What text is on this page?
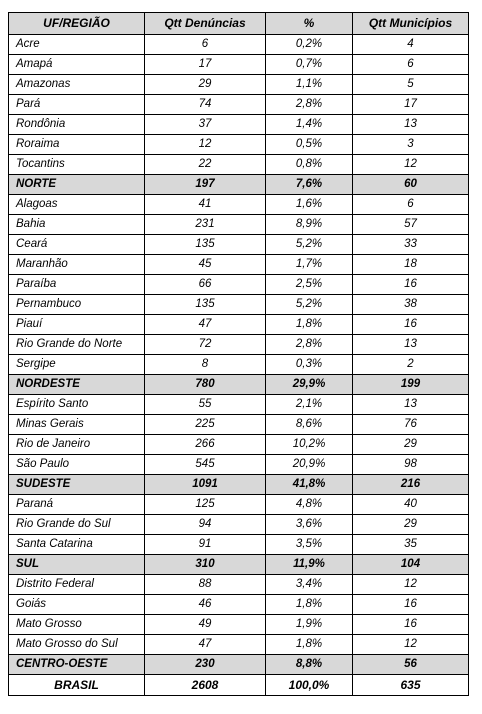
UF/REGIÃO	Qtt Denúncias	%	Qtt Municípios
Acre	6	0,2%	4
Amapá	17	0,7%	6
Amazonas	29	1,1%	5
Pará	74	2,8%	17
Rondônia	37	1,4%	13
Roraima	12	0,5%	3
Tocantins	22	0,8%	12
NORTE	197	7,6%	60
Alagoas	41	1,6%	6
Bahia	231	8,9%	57
Ceará	135	5,2%	33
Maranhão	45	1,7%	18
Paraíba	66	2,5%	16
Pernambuco	135	5,2%	38
Piauí	47	1,8%	16
Rio Grande do Norte	72	2,8%	13
Sergipe	8	0,3%	2
NORDESTE	780	29,9%	199
Espírito Santo	55	2,1%	13
Minas Gerais	225	8,6%	76
Rio de Janeiro	266	10,2%	29
São Paulo	545	20,9%	98
SUDESTE	1091	41,8%	216
Paraná	125	4,8%	40
Rio Grande do Sul	94	3,6%	29
Santa Catarina	91	3,5%	35
SUL	310	11,9%	104
Distrito Federal	88	3,4%	12
Goiás	46	1,8%	16
Mato Grosso	49	1,9%	16
Mato Grosso do Sul	47	1,8%	12
CENTRO-OESTE	230	8,8%	56
BRASIL	2608	100,0%	635
